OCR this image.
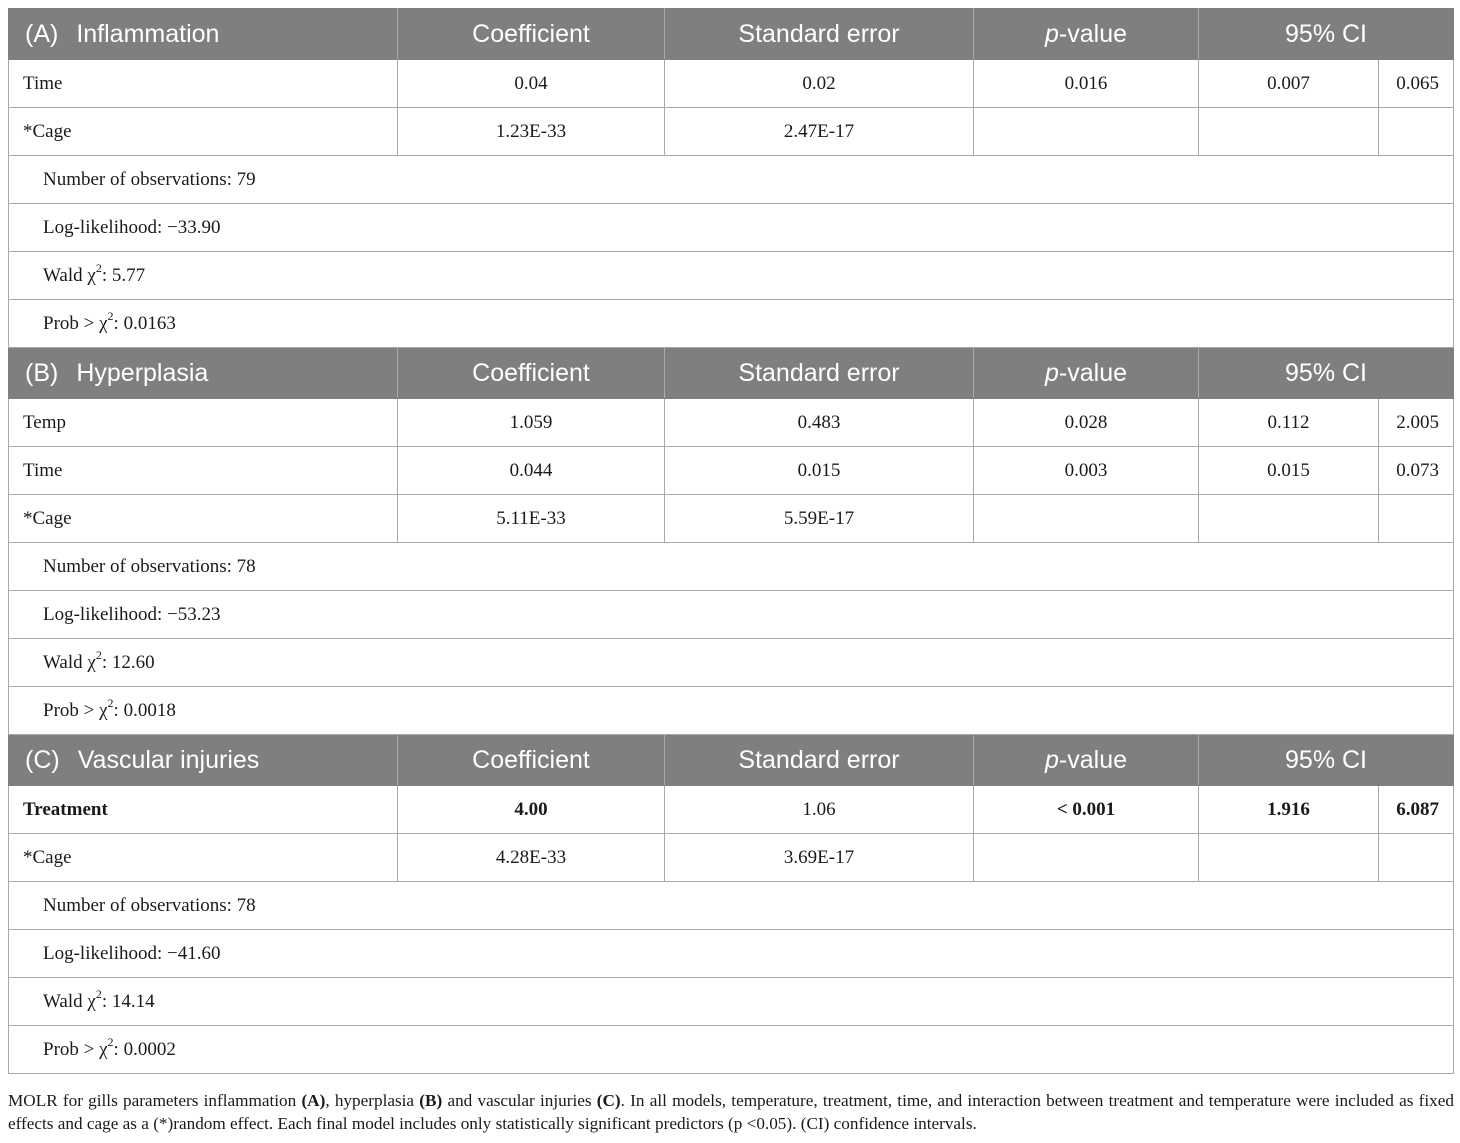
(A) Inflammation	Coefficient	Standard error	p-value	95% CI	
Time	0.04	0.02	0.016	0.007	0.065
*Cage	1.23E-33	2.47E-17			
Number of observations: 79					
Log-likelihood: −33.90					
Wald $\chi^2$: 5.77					
Prob > $\chi^2$: 0.0163					
(B) Hyperplasia	Coefficient	Standard error	p-value	95% CI	
Temp	1.059	0.483	0.028	0.112	2.005
Time	0.044	0.015	0.003	0.015	0.073
*Cage	5.11E-33	5.59E-17			
Number of observations: 78					
Log-likelihood: −53.23					
Wald $\chi^2$: 12.60					
Prob > $\chi^2$: 0.0018					
(C) Vascular injuries	Coefficient	Standard error	p-value	95% CI	
Treatment	4.00	1.06	< 0.001	1.916	6.087
*Cage	4.28E-33	3.69E-17			
Number of observations: 78					
Log-likelihood: −41.60					
Wald $\chi^2$: 14.14					
Prob > $\chi^2$: 0.0002					
MOLR for gills parameters inflammation (A), hyperplasia (B) and vascular injuries (C). In all models, temperature, treatment, time, and interaction between treatment and temperature were included as fixed effects and cage as a (*)random effect. Each final model includes only statistically significant predictors (p <0.05). (CI) confidence intervals.
